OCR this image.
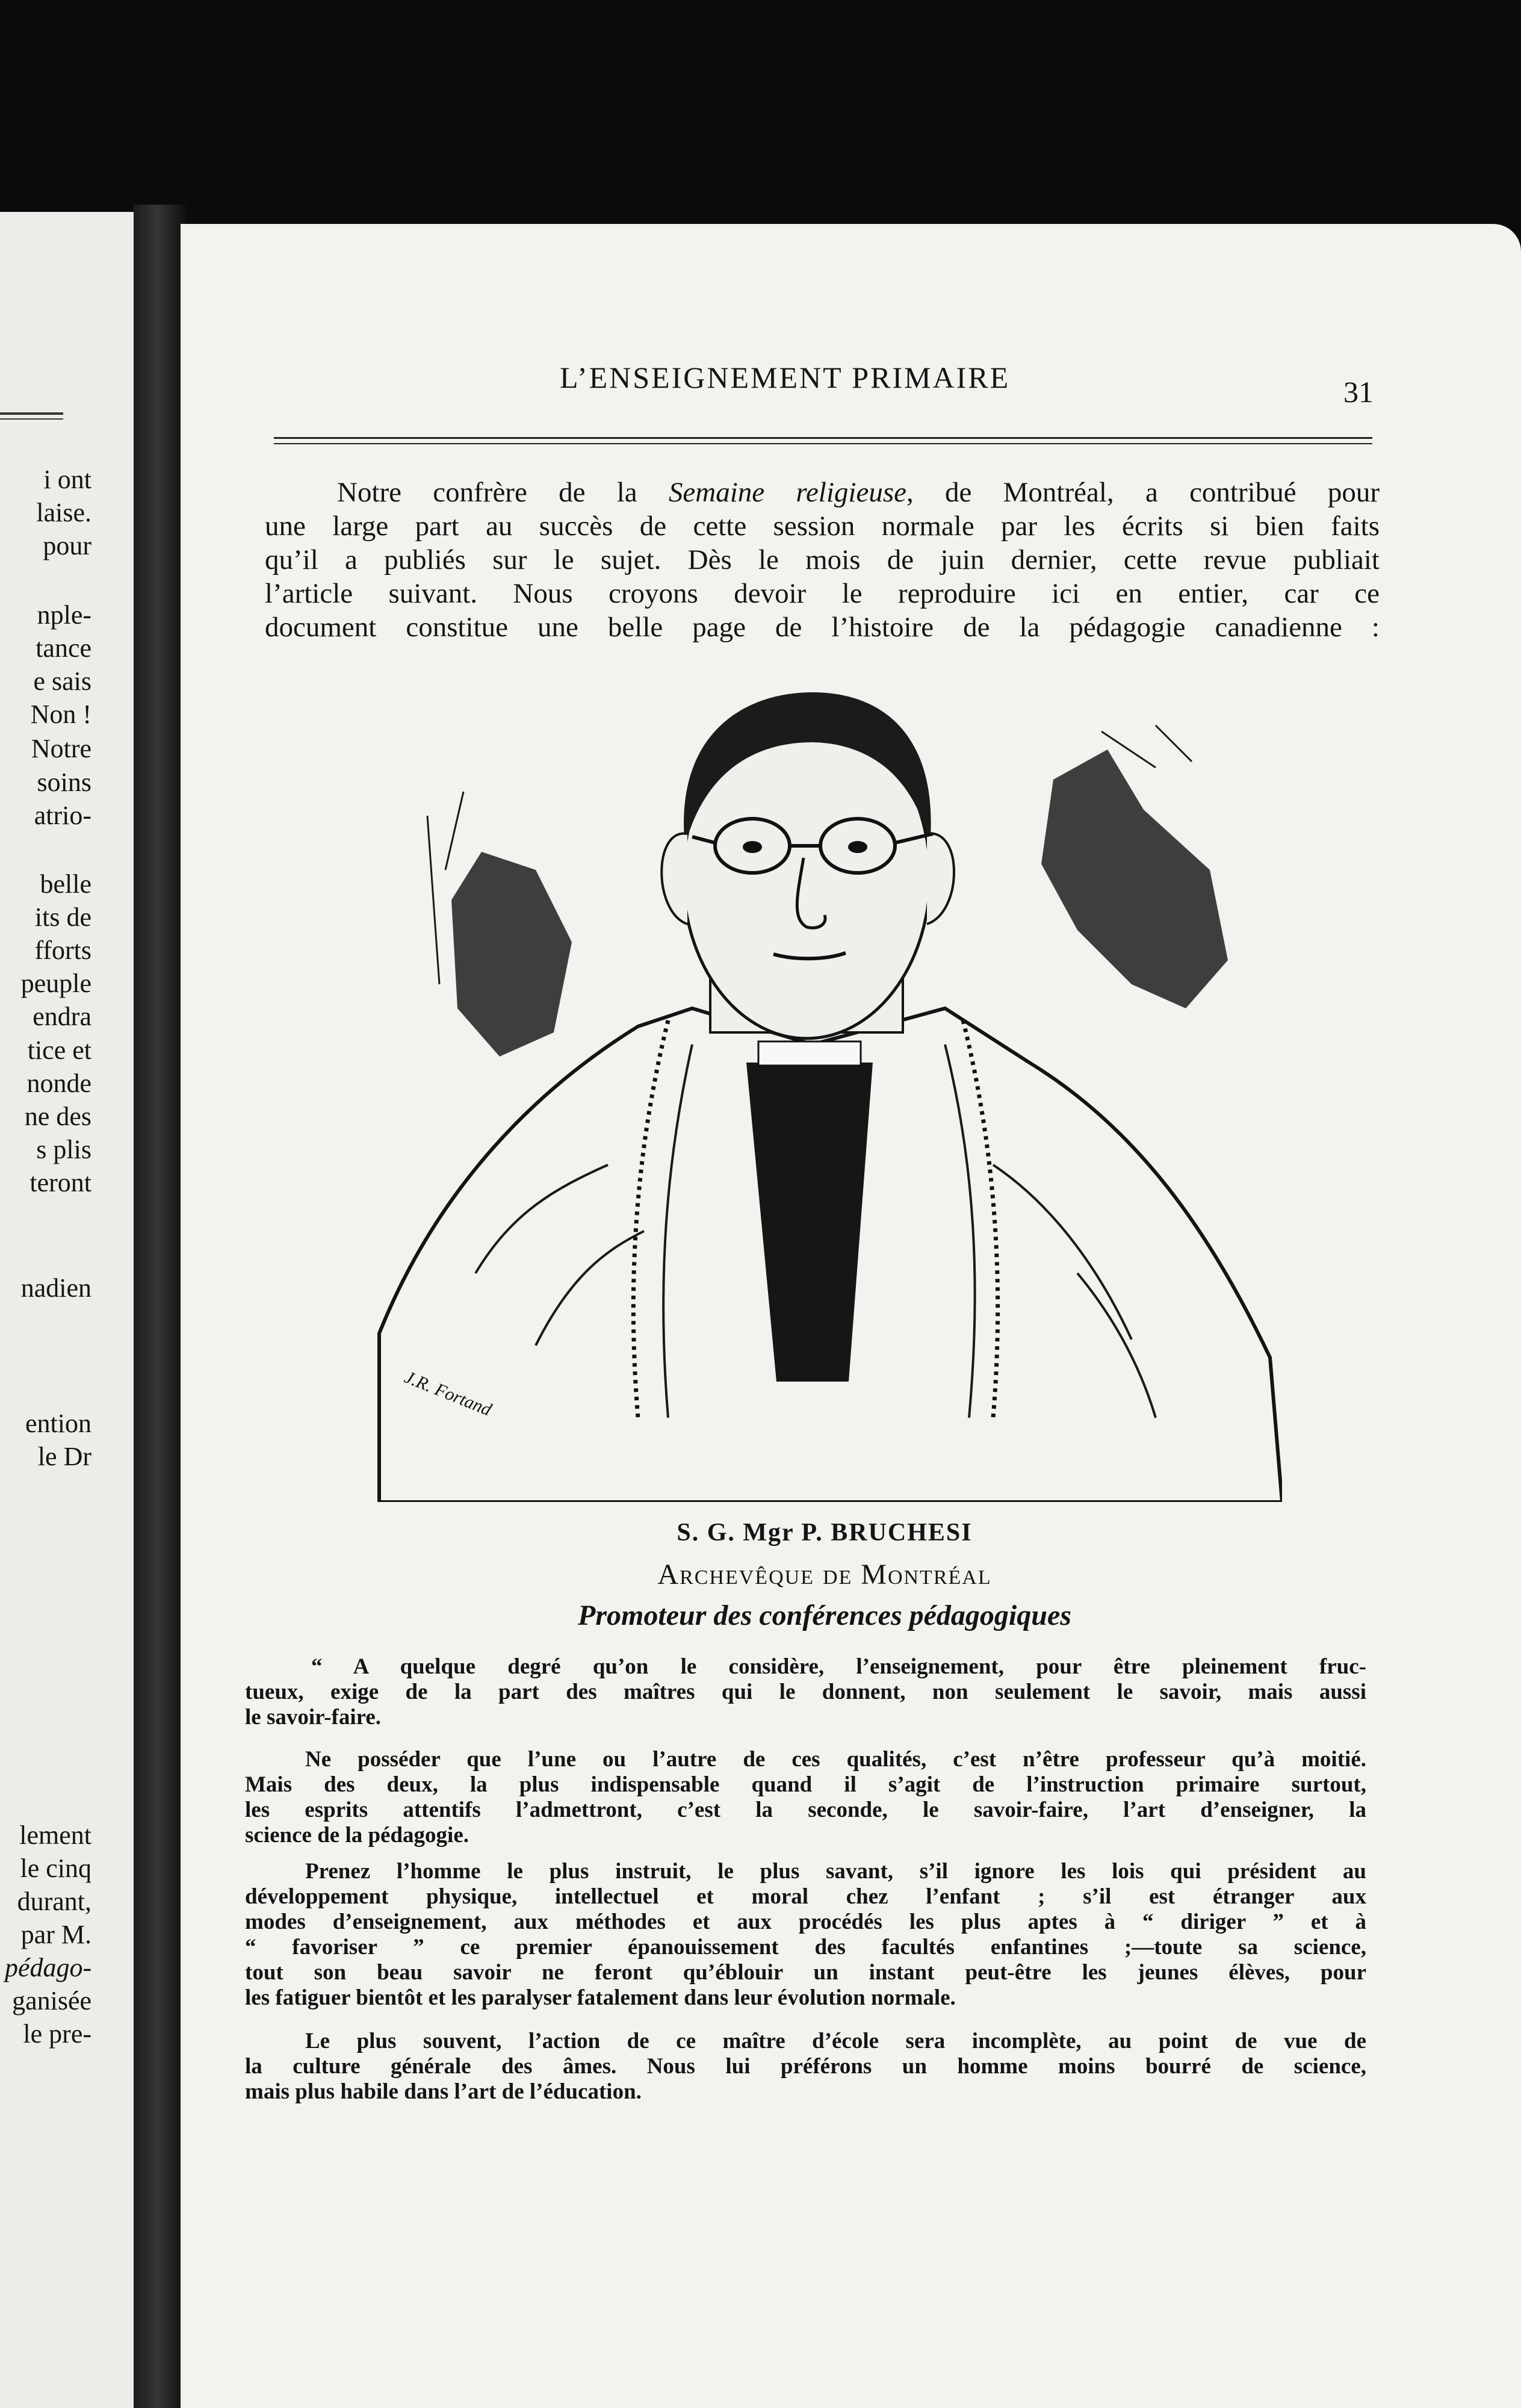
i ont
laise.
pour
nple-
tance
e sais
Non !
Notre
soins
atrio-
belle
its de
fforts
peuple
endra
tice et
nonde
ne des
s plis
teront
nadien
ention
le Dr
lement
le cinq
durant,
par M.
pédago-
ganisée
le pre-
L’ENSEIGNEMENT PRIMAIRE	31
Notre confrère de la Semaine religieuse, de Montréal, a contribué pour
une large part au succès de cette session normale par les écrits si bien faits
qu’il a publiés sur le sujet. Dès le mois de juin dernier, cette revue publiait
l’article suivant. Nous croyons devoir le reproduire ici en entier, car ce
document constitue une belle page de l’histoire de la pédagogie canadienne :
J.R. Fortand
S. G. Mgr P. BRUCHESI
Archevêque de Montréal
Promoteur des conférences pédagogiques
“ A quelque degré qu’on le considère, l’enseignement, pour être pleinement fruc-
tueux, exige de la part des maîtres qui le donnent, non seulement le savoir, mais aussi
le savoir-faire.
Ne posséder que l’une ou l’autre de ces qualités, c’est n’être professeur qu’à moitié.
Mais des deux, la plus indispensable quand il s’agit de l’instruction primaire surtout,
les esprits attentifs l’admettront, c’est la seconde, le savoir-faire, l’art d’enseigner, la
science de la pédagogie.
Prenez l’homme le plus instruit, le plus savant, s’il ignore les lois qui président au
développement physique, intellectuel et moral chez l’enfant ; s’il est étranger aux
modes d’enseignement, aux méthodes et aux procédés les plus aptes à “ diriger ” et à
“ favoriser ” ce premier épanouissement des facultés enfantines ;—toute sa science,
tout son beau savoir ne feront qu’éblouir un instant peut-être les jeunes élèves, pour
les fatiguer bientôt et les paralyser fatalement dans leur évolution normale.
Le plus souvent, l’action de ce maître d’école sera incomplète, au point de vue de
la culture générale des âmes. Nous lui préférons un homme moins bourré de science,
mais plus habile dans l’art de l’éducation.
